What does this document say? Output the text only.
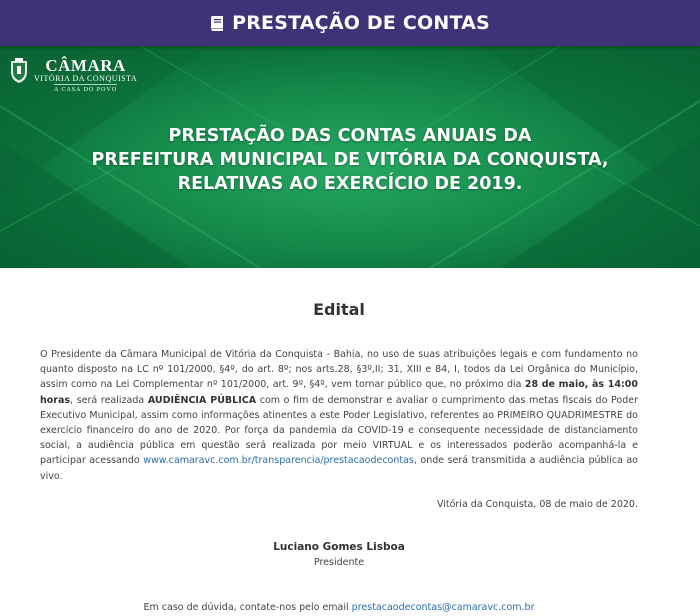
PRESTAÇÃO DE CONTAS
CÂMARA
VITÓRIA DA CONQUISTA
A CASA DO POVO
PRESTAÇÃO DAS CONTAS ANUAIS DA
PREFEITURA MUNICIPAL DE VITÓRIA DA CONQUISTA,
RELATIVAS AO EXERCÍCIO DE 2019.
Edital
O Presidente da Câmara Municipal de Vitória da Conquista - Bahia, no uso de suas atribuições legais e com fundamento no quanto disposto na LC nº 101/2000, §4º, do art. 8º; nos arts.28, §3º,II; 31, XIII e 84, I, todos da Lei Orgânica do Município, assim como na Lei Complementar nº 101/2000, art. 9º, §4º, vem tornar público que, no próximo dia 28 de maio, às 14:00 horas, será realizada AUDIÊNCIA PÚBLICA com o fim de demonstrar e avaliar o cumprimento das metas fiscais do Poder Executivo Municipal, assim como informações atinentes a este Poder Legislativo, referentes ao PRIMEIRO QUADRIMESTRE do exercício financeiro do ano de 2020. Por força da pandemia da COVID-19 e consequente necessidade de distanciamento social, a audiência pública em questão será realizada por meio VIRTUAL e os interessados poderão acompanhá-la e participar acessando www.camaravc.com.br/transparencia/prestacaodecontas, onde será transmitida a audiência pública ao vivo.
Vitória da Conquista, 08 de maio de 2020.
Luciano Gomes Lisboa
Presidente
Em caso de dúvida, contate-nos pelo email prestacaodecontas@camaravc.com.br
